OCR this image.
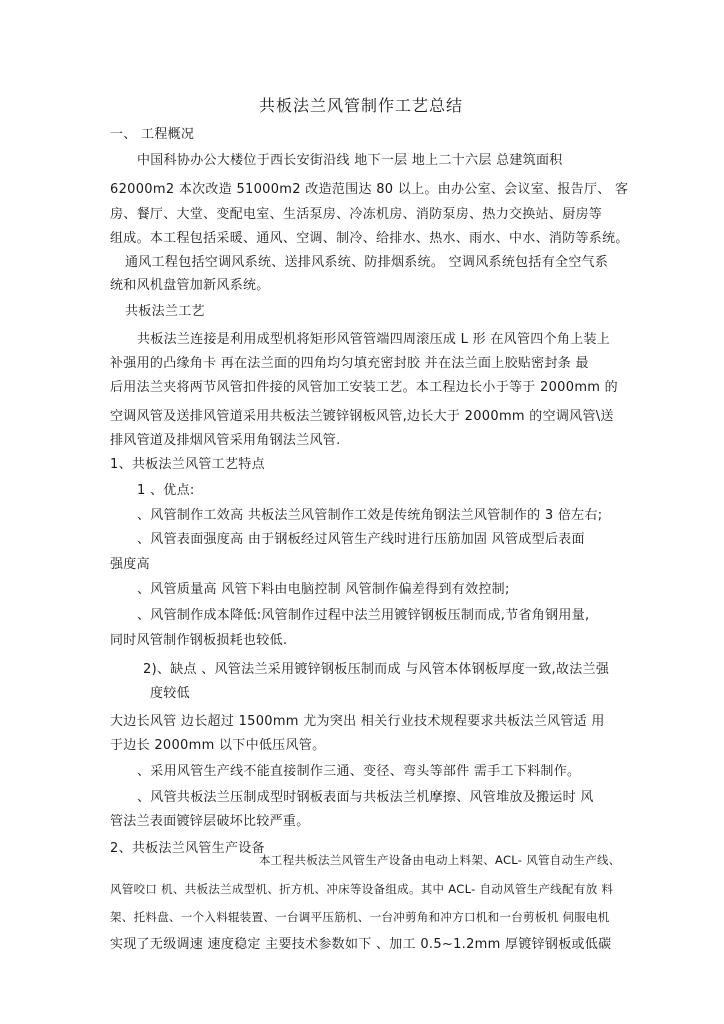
共板法兰风管制作工艺总结
一、 工程概况
中国科协办公大楼位于西长安街沿线 地下一层 地上二十六层 总建筑面积
62000m2 本次改造 51000m2 改造范围达 80 以上。由办公室、会议室、报告厅、 客
房、餐厅、大堂、变配电室、生活泵房、冷冻机房、消防泵房、热力交换站、厨房等
组成。本工程包括采暖、通风、空调、制冷、给排水、热水、雨水、中水、消防等系统。
通风工程包括空调风系统、送排风系统、防排烟系统。 空调风系统包括有全空气系
统和风机盘管加新风系统。
共板法兰工艺
共板法兰连接是利用成型机将矩形风管管端四周滚压成 L 形 在风管四个角上装上
补强用的凸缘角卡 再在法兰面的四角均匀填充密封胶 并在法兰面上胶贴密封条 最
后用法兰夹将两节风管扣件接的风管加工安装工艺。本工程边长小于等于 2000mm 的
空调风管及送排风管道采用共板法兰镀锌钢板风管,边长大于 2000mm 的空调风管\送
排风管道及排烟风管采用角钢法兰风管.
1、共板法兰风管工艺特点
1 、优点:
、风管制作工效高 共板法兰风管制作工效是传统角钢法兰风管制作的 3 倍左右;
、风管表面强度高 由于钢板经过风管生产线时进行压筋加固 风管成型后表面
强度高
、风管质量高 风管下料由电脑控制 风管制作偏差得到有效控制;
、风管制作成本降低:风管制作过程中法兰用镀锌钢板压制而成,节省角钢用量,
同时风管制作钢板损耗也较低.
2)、缺点 、风管法兰采用镀锌钢板压制而成 与风管本体钢板厚度一致,故法兰强
度较低
大边长风管 边长超过 1500mm 尤为突出 相关行业技术规程要求共板法兰风管适 用
于边长 2000mm 以下中低压风管。
、采用风管生产线不能直接制作三通、变径、弯头等部件 需手工下料制作。
、风管共板法兰压制成型时钢板表面与共板法兰机摩擦、风管堆放及搬运时 风
管法兰表面镀锌层破坏比较严重。
2、共板法兰风管生产设备
本工程共板法兰风管生产设备由电动上料架、ACL- 风管自动生产线、
风管咬口 机、共板法兰成型机、折方机、冲床等设备组成。其中 ACL- 自动风管生产线配有放 料
架、托料盘、一个入料辊装置、一台调平压筋机、一台冲剪角和冲方口机和一台剪板机 伺服电机
实现了无级调速 速度稳定 主要技术参数如下 、加工 0.5~1.2mm 厚镀锌钢板或低碳
